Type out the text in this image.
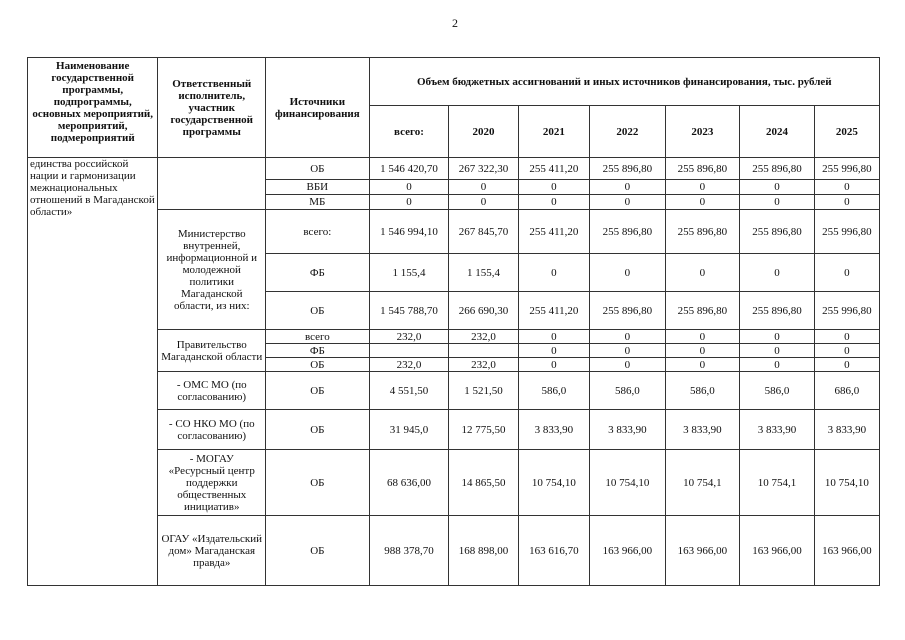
2
Наименование государственной программы, подпрограммы, основных мероприятий, мероприятий, подмероприятий	Ответственный исполнитель, участник государственной программы	Источники финансирования	Объем бюджетных ассигнований и иных источников финансирования, тыс. рублей						
			всего:	2020	2021	2022	2023	2024	2025

единства российской нации и гармонизации межнациональных отношений в Магаданской области»		ОБ	1 546 420,70	267 322,30	255 411,20	255 896,80	255 896,80	255 896,80	255 996,80
		ВБИ	0	0	0	0	0	0	0
		МБ	0	0	0	0	0	0	0
	Министерство внутренней, информационной и молодежной политики Магаданской области, из них:	всего:	1 546 994,10	267 845,70	255 411,20	255 896,80	255 896,80	255 896,80	255 996,80
		ФБ	1 155,4	1 155,4	0	0	0	0	0
		ОБ	1 545 788,70	266 690,30	255 411,20	255 896,80	255 896,80	255 896,80	255 996,80
	Правительство Магаданской области	всего	232,0	232,0	0	0	0	0	0
		ФБ			0	0	0	0	0
		ОБ	232,0	232,0	0	0	0	0	0
	- ОМС МО (по согласованию)	ОБ	4 551,50	1 521,50	586,0	586,0	586,0	586,0	686,0
	- СО НКО МО (по согласованию)	ОБ	31 945,0	12 775,50	3 833,90	3 833,90	3 833,90	3 833,90	3 833,90
	- МОГАУ «Ресурсный центр поддержки общественных инициатив»	ОБ	68 636,00	14 865,50	10 754,10	10 754,10	10 754,1	10 754,1	10 754,10
	ОГАУ «Издательский дом» Магаданская правда»	ОБ	988 378,70	168 898,00	163 616,70	163 966,00	163 966,00	163 966,00	163 966,00
